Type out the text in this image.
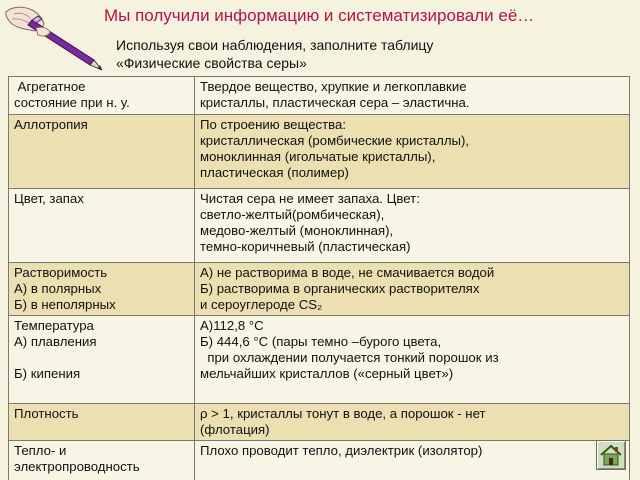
Мы получили информацию и систематизировали её…
Используя свои наблюдения, заполните таблицу
«Физические свойства серы»
Агрегатное
состояние при н. у.	Твердое вещество, хрупкие и легкоплавкие
кристаллы, пластическая сера – эластична.

Аллотропия	По строению вещества:
кристаллическая (ромбические кристаллы),
моноклинная (игольчатые кристаллы),
пластическая (полимер)

Цвет, запах	Чистая сера не имеет запаха. Цвет:
светло-желтый(ромбическая),
медово-желтый (моноклинная),
темно-коричневый (пластическая)

Растворимость
А) в полярных
Б) в неполярных	А) не растворима в воде, не смачивается водой
Б) растворима в органических растворителях
и сероуглероде CS₂

Температура
А) плавления

Б) кипения	А)112,8 °С
Б) 444,6 °С (пары темно –бурого цвета,
при охлаждении получается тонкий порошок из
мельчайших кристаллов («серный цвет»)

Плотность	ρ > 1, кристаллы тонут в воде, а порошок - нет
(флотация)

Тепло- и
электропроводность	Плохо проводит тепло, диэлектрик (изолятор)
